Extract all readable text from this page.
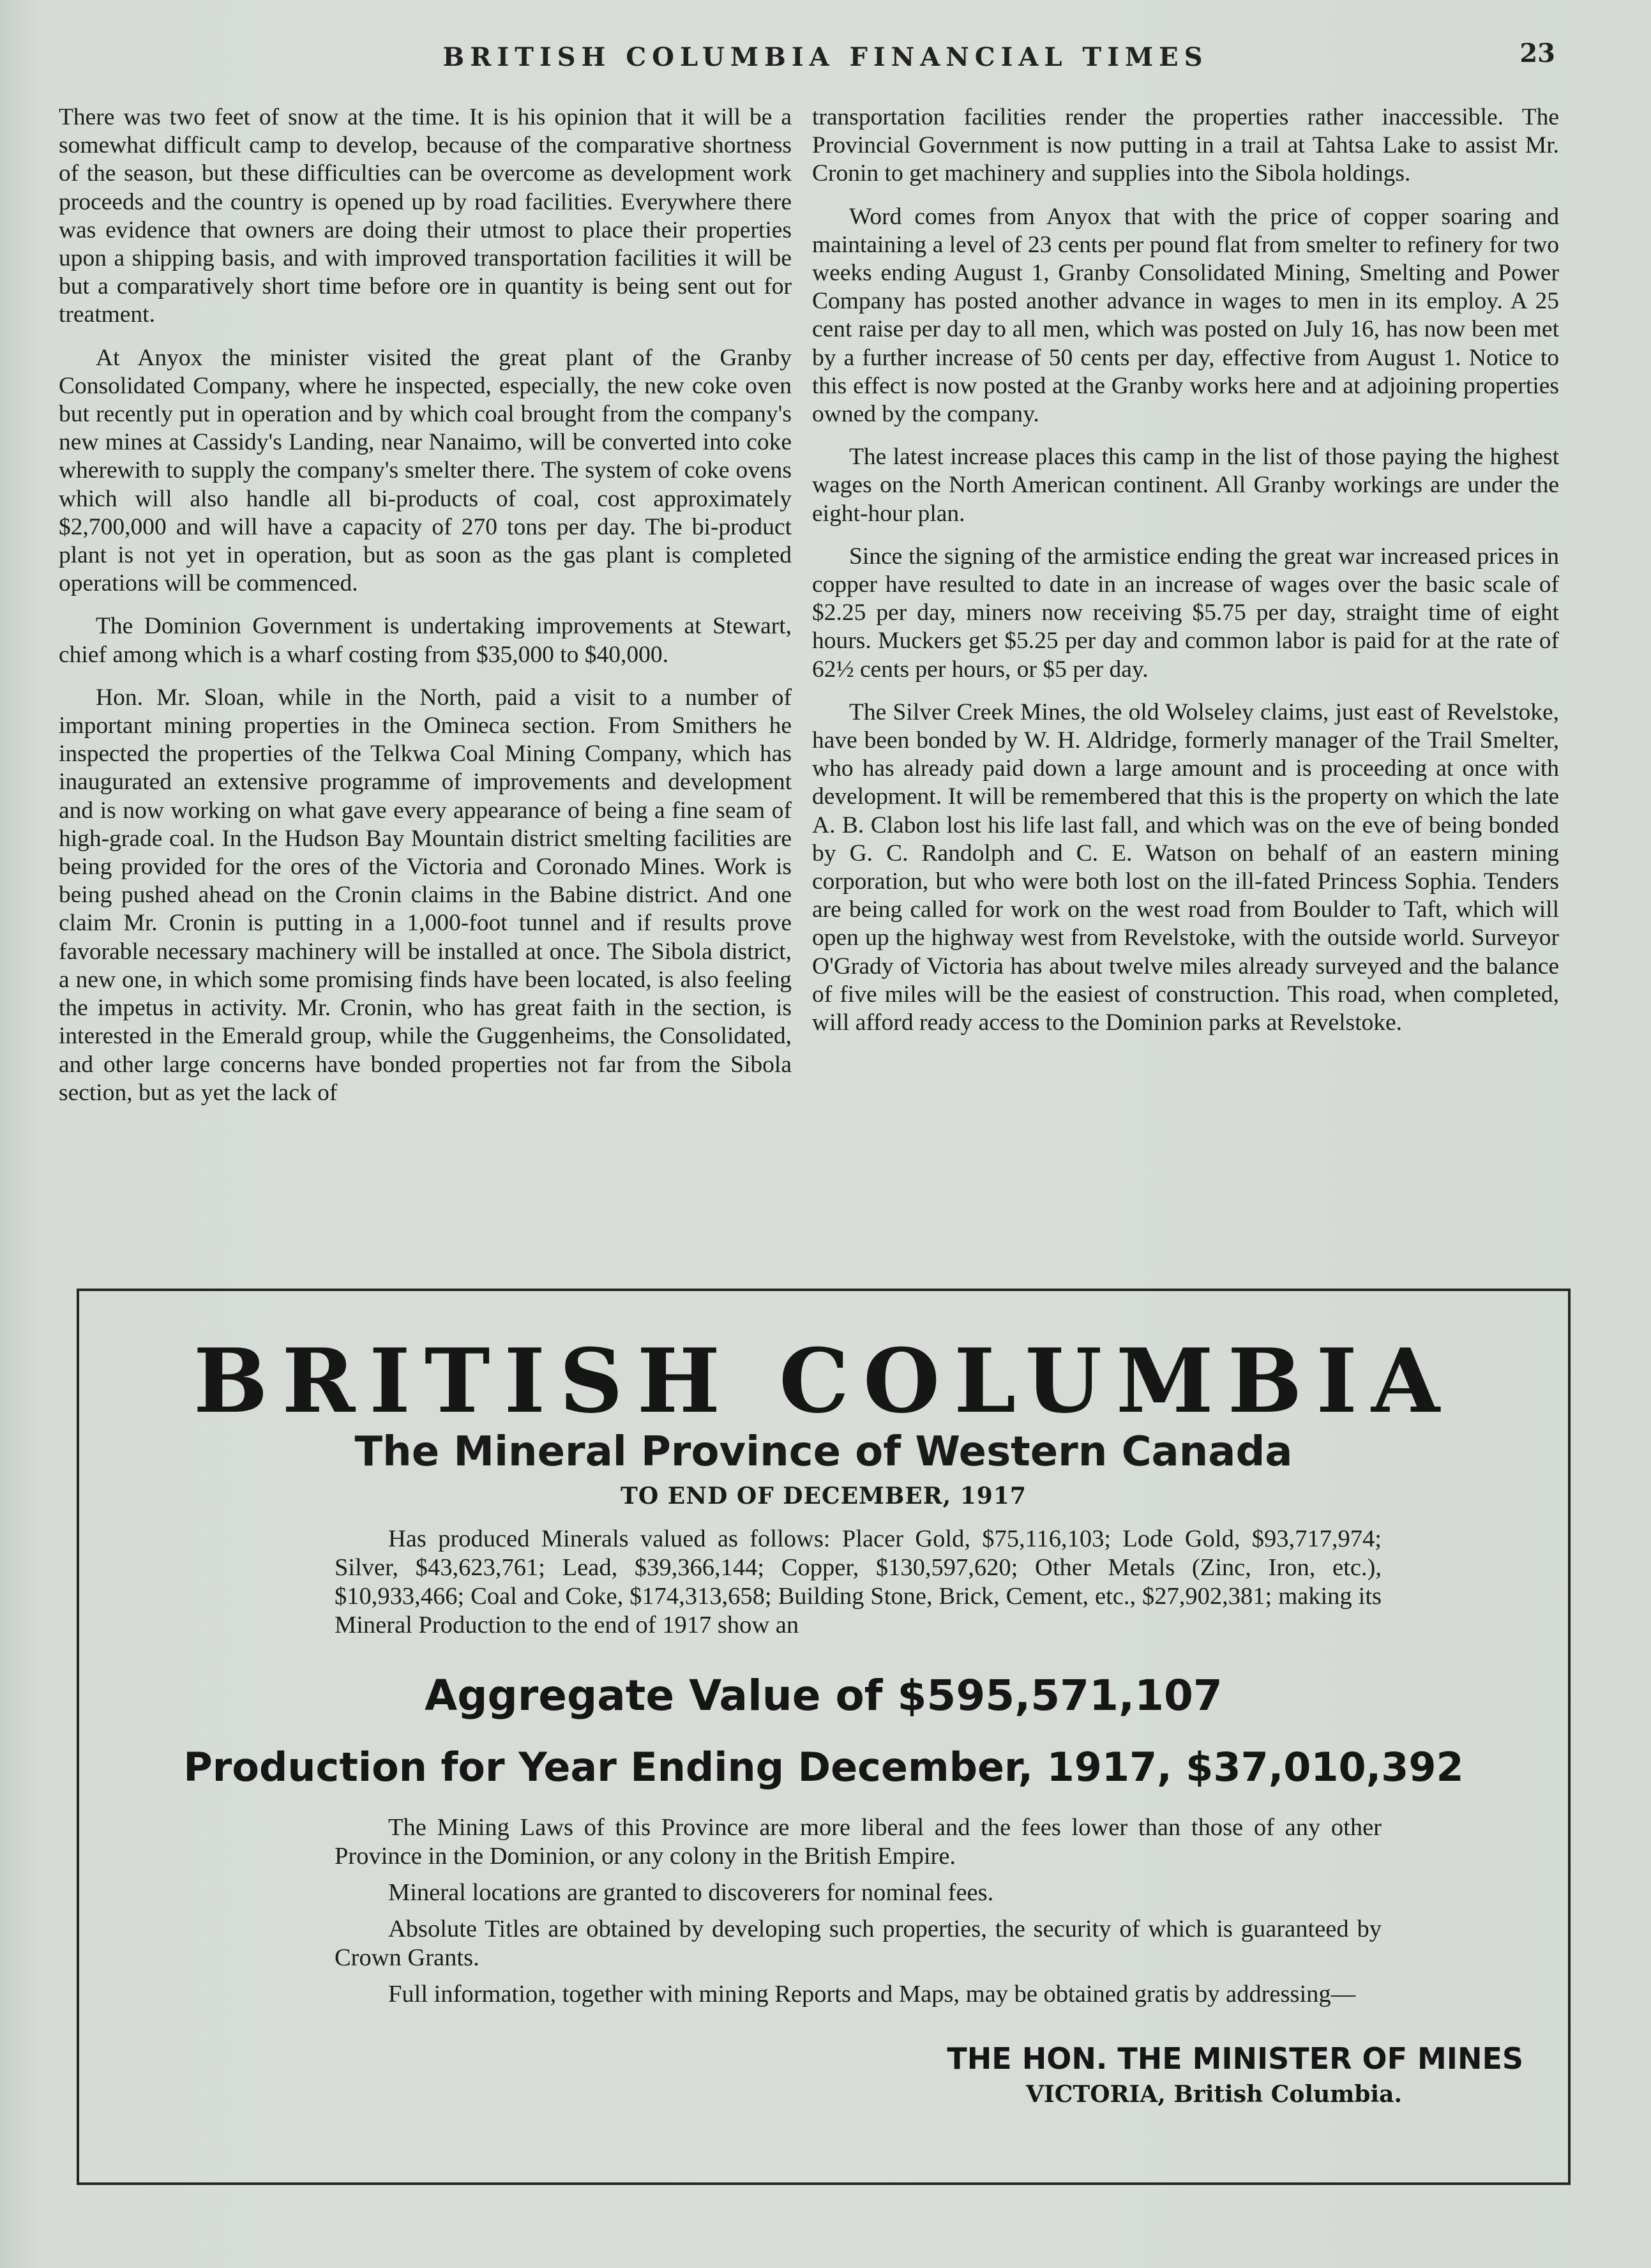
BRITISH COLUMBIA FINANCIAL TIMES	23

There was two feet of snow at the time. It is his opinion that it will be a somewhat difficult camp to develop, because of the comparative shortness of the season, but these difficulties can be overcome as development work proceeds and the country is opened up by road facilities. Everywhere there was evidence that owners are doing their utmost to place their properties upon a shipping basis, and with improved transportation facilities it will be but a comparatively short time before ore in quantity is being sent out for treatment.

At Anyox the minister visited the great plant of the Granby Consolidated Company, where he inspected, especially, the new coke oven but recently put in operation and by which coal brought from the company's new mines at Cassidy's Landing, near Nanaimo, will be converted into coke wherewith to supply the company's smelter there. The system of coke ovens which will also handle all bi-products of coal, cost approximately $2,700,000 and will have a capacity of 270 tons per day. The bi-product plant is not yet in operation, but as soon as the gas plant is completed operations will be commenced.

The Dominion Government is undertaking improvements at Stewart, chief among which is a wharf costing from $35,000 to $40,000.

Hon. Mr. Sloan, while in the North, paid a visit to a number of important mining properties in the Omineca section. From Smithers he inspected the properties of the Telkwa Coal Mining Company, which has inaugurated an extensive programme of improvements and development and is now working on what gave every appearance of being a fine seam of high-grade coal. In the Hudson Bay Mountain district smelting facilities are being provided for the ores of the Victoria and Coronado Mines. Work is being pushed ahead on the Cronin claims in the Babine district. And one claim Mr. Cronin is putting in a 1,000-foot tunnel and if results prove favorable necessary machinery will be installed at once. The Sibola district, a new one, in which some promising finds have been located, is also feeling the impetus in activity. Mr. Cronin, who has great faith in the section, is interested in the Emerald group, while the Guggenheims, the Consolidated, and other large concerns have bonded properties not far from the Sibola section, but as yet the lack of

transportation facilities render the properties rather inaccessible. The Provincial Government is now putting in a trail at Tahtsa Lake to assist Mr. Cronin to get machinery and supplies into the Sibola holdings.

Word comes from Anyox that with the price of copper soaring and maintaining a level of 23 cents per pound flat from smelter to refinery for two weeks ending August 1, Granby Consolidated Mining, Smelting and Power Company has posted another advance in wages to men in its employ. A 25 cent raise per day to all men, which was posted on July 16, has now been met by a further increase of 50 cents per day, effective from August 1. Notice to this effect is now posted at the Granby works here and at adjoining properties owned by the company.

The latest increase places this camp in the list of those paying the highest wages on the North American continent. All Granby workings are under the eight-hour plan.

Since the signing of the armistice ending the great war increased prices in copper have resulted to date in an increase of wages over the basic scale of $2.25 per day, miners now receiving $5.75 per day, straight time of eight hours. Muckers get $5.25 per day and common labor is paid for at the rate of 62½ cents per hours, or $5 per day.

The Silver Creek Mines, the old Wolseley claims, just east of Revelstoke, have been bonded by W. H. Aldridge, formerly manager of the Trail Smelter, who has already paid down a large amount and is proceeding at once with development. It will be remembered that this is the property on which the late A. B. Clabon lost his life last fall, and which was on the eve of being bonded by G. C. Randolph and C. E. Watson on behalf of an eastern mining corporation, but who were both lost on the ill-fated Princess Sophia. Tenders are being called for work on the west road from Boulder to Taft, which will open up the highway west from Revelstoke, with the outside world. Surveyor O'Grady of Victoria has about twelve miles already surveyed and the balance of five miles will be the easiest of construction. This road, when completed, will afford ready access to the Dominion parks at Revelstoke.

BRITISH COLUMBIA
The Mineral Province of Western Canada
TO END OF DECEMBER, 1917

Has produced Minerals valued as follows: Placer Gold, $75,116,103; Lode Gold, $93,717,974; Silver, $43,623,761; Lead, $39,366,144; Copper, $130,597,620; Other Metals (Zinc, Iron, etc.), $10,933,466; Coal and Coke, $174,313,658; Building Stone, Brick, Cement, etc., $27,902,381; making its Mineral Production to the end of 1917 show an

Aggregate Value of $595,571,107
Production for Year Ending December, 1917, $37,010,392

The Mining Laws of this Province are more liberal and the fees lower than those of any other Province in the Dominion, or any colony in the British Empire.

Mineral locations are granted to discoverers for nominal fees.

Absolute Titles are obtained by developing such properties, the security of which is guaranteed by Crown Grants.

Full information, together with mining Reports and Maps, may be obtained gratis by addressing—

THE HON. THE MINISTER OF MINES
VICTORIA, British Columbia.
